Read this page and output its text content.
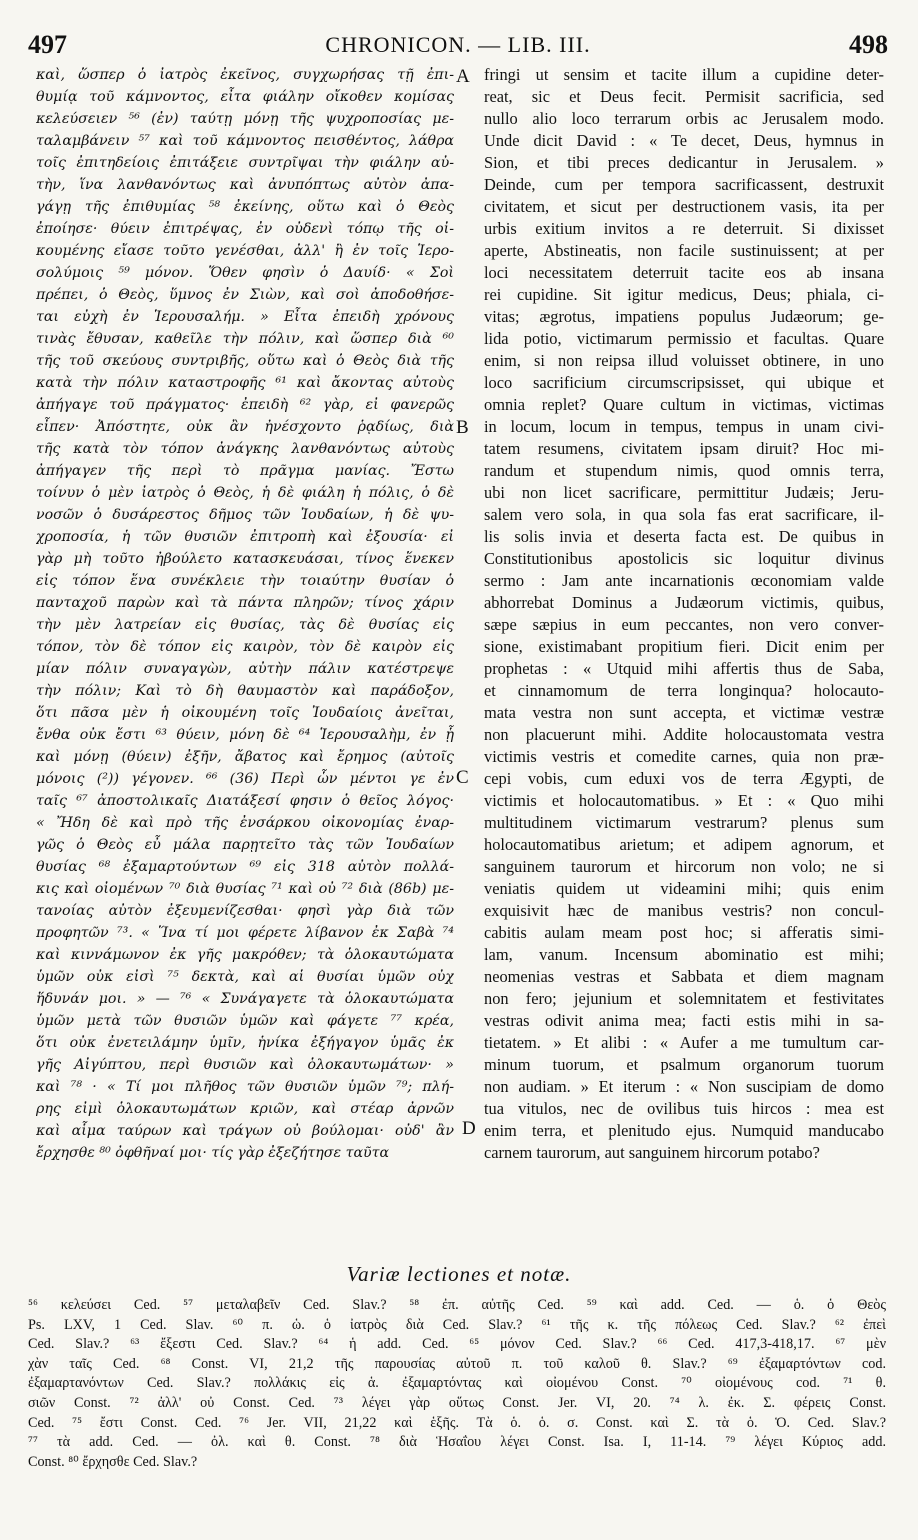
497	CHRONICON. — LIB. III.	498
καὶ, ὥσπερ ὁ ἰατρὸς ἐκεῖνος, συγχωρήσας τῇ ἐπι-
θυμίᾳ τοῦ κάμνοντος, εἶτα φιάλην οἴκοθεν κομίσας
κελεύσειεν ⁵⁶ (ἐν) ταύτῃ μόνῃ τῆς ψυχροποσίας με-
ταλαμβάνειν ⁵⁷ καὶ τοῦ κάμνοντος πεισθέντος, λάθρα
τοῖς ἐπιτηδείοις ἐπιτάξειε συντρῖψαι τὴν φιάλην αὐ-
τὴν, ἵνα λανθανόντως καὶ ἀνυπόπτως αὐτὸν ἀπα-
γάγῃ τῆς ἐπιθυμίας ⁵⁸ ἐκείνης, οὕτω καὶ ὁ Θεὸς
ἐποίησε· θύειν ἐπιτρέψας, ἐν οὐδενὶ τόπῳ τῆς οἰ-
κουμένης εἴασε τοῦτο γενέσθαι, ἀλλ' ἢ ἐν τοῖς Ἱερο-
σολύμοις ⁵⁹ μόνον. Ὅθεν φησὶν ὁ Δαυίδ· « Σοὶ
πρέπει, ὁ Θεὸς, ὕμνος ἐν Σιὼν, καὶ σοὶ ἀποδοθήσε-
ται εὐχὴ ἐν Ἱερουσαλήμ. » Εἶτα ἐπειδὴ χρόνους
τινὰς ἔθυσαν, καθεῖλε τὴν πόλιν, καὶ ὥσπερ διὰ ⁶⁰
τῆς τοῦ σκεύους συντριβῆς, οὕτω καὶ ὁ Θεὸς διὰ τῆς
κατὰ τὴν πόλιν καταστροφῆς ⁶¹ καὶ ἄκοντας αὐτοὺς
ἀπήγαγε τοῦ πράγματος· ἐπειδὴ ⁶² γὰρ, εἰ φανερῶς
εἶπεν· Ἀπόστητε, οὐκ ἂν ἠνέσχοντο ῥᾳδίως, διὰ
τῆς κατὰ τὸν τόπον ἀνάγκης λανθανόντως αὐτοὺς
ἀπήγαγεν τῆς περὶ τὸ πρᾶγμα μανίας. Ἔστω
τοίνυν ὁ μὲν ἰατρὸς ὁ Θεὸς, ἡ δὲ φιάλη ἡ πόλις, ὁ δὲ
νοσῶν ὁ δυσάρεστος δῆμος τῶν Ἰουδαίων, ἡ δὲ ψυ-
χροποσία, ἡ τῶν θυσιῶν ἐπιτροπὴ καὶ ἐξουσία· εἰ
γὰρ μὴ τοῦτο ἠβούλετο κατασκευάσαι, τίνος ἕνεκεν
εἰς τόπον ἕνα συνέκλειε τὴν τοιαύτην θυσίαν ὁ
πανταχοῦ παρὼν καὶ τὰ πάντα πληρῶν; τίνος χάριν
τὴν μὲν λατρείαν εἰς θυσίας, τὰς δὲ θυσίας εἰς
τόπον, τὸν δὲ τόπον εἰς καιρὸν, τὸν δὲ καιρὸν εἰς
μίαν πόλιν συναγαγὼν, αὐτὴν πάλιν κατέστρεψε
τὴν πόλιν; Καὶ τὸ δὴ θαυμαστὸν καὶ παράδοξον,
ὅτι πᾶσα μὲν ἡ οἰκουμένη τοῖς Ἰουδαίοις ἀνεῖται,
ἔνθα οὐκ ἔστι ⁶³ θύειν, μόνη δὲ ⁶⁴ Ἱερουσαλὴμ, ἐν ᾗ
καὶ μόνῃ (θύειν) ἐξῆν, ἄβατος καὶ ἔρημος (αὐτοῖς
μόνοις (²)) γέγονεν. ⁶⁶ (36) Περὶ ὧν μέντοι γε ἐν
ταῖς ⁶⁷ ἀποστολικαῖς Διατάξεσί φησιν ὁ θεῖος λόγος·
« Ἤδη δὲ καὶ πρὸ τῆς ἐνσάρκου οἰκονομίας ἐναρ-
γῶς ὁ Θεὸς εὖ μάλα παρῃτεῖτο τὰς τῶν Ἰουδαίων
θυσίας ⁶⁸ ἐξαμαρτούντων ⁶⁹ εἰς 318 αὐτὸν πολλά-
κις καὶ οἰομένων ⁷⁰ διὰ θυσίας ⁷¹ καὶ οὐ ⁷² διὰ (86b) με-
τανοίας αὐτὸν ἐξευμενίζεσθαι· φησὶ γὰρ διὰ τῶν
προφητῶν ⁷³. « Ἵνα τί μοι φέρετε λίβανον ἐκ Σαβὰ ⁷⁴
καὶ κιννάμωνον ἐκ γῆς μακρόθεν; τὰ ὁλοκαυτώματα
ὑμῶν οὐκ εἰσὶ ⁷⁵ δεκτὰ, καὶ αἱ θυσίαι ὑμῶν οὐχ
ἥδυνάν μοι. » — ⁷⁶ « Συνάγαγετε τὰ ὁλοκαυτώματα
ὑμῶν μετὰ τῶν θυσιῶν ὑμῶν καὶ φάγετε ⁷⁷ κρέα,
ὅτι οὐκ ἐνετειλάμην ὑμῖν, ἡνίκα ἐξήγαγον ὑμᾶς ἐκ
γῆς Αἰγύπτου, περὶ θυσιῶν καὶ ὁλοκαυτωμάτων· »
καὶ ⁷⁸ · « Τί μοι πλῆθος τῶν θυσιῶν ὑμῶν ⁷⁹; πλή-
ρης εἰμὶ ὁλοκαυτωμάτων κριῶν, καὶ στέαρ ἀρνῶν
καὶ αἷμα ταύρων καὶ τράγων οὐ βούλομαι· οὐδ' ἂν
ἔρχησθε ⁸⁰ ὀφθῆναί μοι· τίς γὰρ ἐξεζήτησε ταῦτα
fringi ut sensim et tacite illum a cupidine deter-
reat, sic et Deus fecit. Permisit sacrificia, sed
nullo alio loco terrarum orbis ac Jerusalem modo.
Unde dicit David : « Te decet, Deus, hymnus in
Sion, et tibi preces dedicantur in Jerusalem. »
Deinde, cum per tempora sacrificassent, destruxit
civitatem, et sicut per destructionem vasis, ita per
urbis exitium invitos a re deterruit. Si dixisset
aperte, Abstineatis, non facile sustinuissent; at per
loci necessitatem deterruit tacite eos ab insana
rei cupidine. Sit igitur medicus, Deus; phiala, ci-
vitas; ægrotus, impatiens populus Judæorum; ge-
lida potio, victimarum permissio et facultas. Quare
enim, si non reipsa illud voluisset obtinere, in uno
loco sacrificium circumscripsisset, qui ubique et
omnia replet? Quare cultum in victimas, victimas
in locum, locum in tempus, tempus in unam civi-
tatem resumens, civitatem ipsam diruit? Hoc mi-
randum et stupendum nimis, quod omnis terra,
ubi non licet sacrificare, permittitur Judæis; Jeru-
salem vero sola, in qua sola fas erat sacrificare, il-
lis solis invia et deserta facta est. De quibus in
Constitutionibus apostolicis sic loquitur divinus
sermo : Jam ante incarnationis œconomiam valde
abhorrebat Dominus a Judæorum victimis, quibus,
sæpe sæpius in eum peccantes, non vero conver-
sione, existimabant propitium fieri. Dicit enim per
prophetas : « Utquid mihi affertis thus de Saba,
et cinnamomum de terra longinqua? holocauto-
mata vestra non sunt accepta, et victimæ vestræ
non placuerunt mihi. Addite holocaustomata vestra
victimis vestris et comedite carnes, quia non præ-
cepi vobis, cum eduxi vos de terra Ægypti, de
victimis et holocautomatibus. » Et : « Quo mihi
multitudinem victimarum vestrarum? plenus sum
holocautomatibus arietum; et adipem agnorum, et
sanguinem taurorum et hircorum non volo; ne si
veniatis quidem ut videamini mihi; quis enim
exquisivit hæc de manibus vestris? non concul-
cabitis aulam meam post hoc; si afferatis simi-
lam, vanum. Incensum abominatio est mihi;
neomenias vestras et Sabbata et diem magnam
non fero; jejunium et solemnitatem et festivitates
vestras odivit anima mea; facti estis mihi in sa-
tietatem. » Et alibi : « Aufer a me tumultum car-
minum tuorum, et psalmum organorum tuorum
non audiam. » Et iterum : « Non suscipiam de domo
tua vitulos, nec de ovilibus tuis hircos : mea est
enim terra, et plenitudo ejus. Numquid manducabo
carnem taurorum, aut sanguinem hircorum potabo?
A
B
C
D
Variæ lectiones et notæ.
⁵⁶ κελεύσει Ced. ⁵⁷ μεταλαβεῖν Ced. Slav.? ⁵⁸ ἐπ. αὐτῆς Ced. ⁵⁹ καὶ add. Ced. — ὁ. ὁ Θεὸς
Ps. LXV, 1 Ced. Slav. ⁶⁰ π. ὡ. ὁ ἰατρὸς διὰ Ced. Slav.? ⁶¹ τῆς κ. τῆς πόλεως Ced. Slav.? ⁶² ἐπεὶ
Ced. Slav.? ⁶³ ἔξεστι Ced. Slav.? ⁶⁴ ἡ add. Ced. ⁶⁵ μόνον Ced. Slav.? ⁶⁶ Ced. 417,3-418,17. ⁶⁷ μὲν
χὰν ταῖς Ced. ⁶⁸ Const. VI, 21,2 τῆς παρουσίας αὐτοῦ π. τοῦ καλοῦ θ. Slav.? ⁶⁹ ἐξαμαρτόντων cod.
ἐξαμαρτανόντων Ced. Slav.? πολλάκις εἰς ἁ. ἐξαμαρτόντας καὶ οἰομένου Const. ⁷⁰ οἰομένους cod. ⁷¹ θ.
σιῶν Const. ⁷² ἀλλ' οὐ Const. Ced. ⁷³ λέγει γὰρ οὕτως Const. Jer. VI, 20. ⁷⁴ λ. ἐκ. Σ. φέρεις Const.
Ced. ⁷⁵ ἔστι Const. Ced. ⁷⁶ Jer. VII, 21,22 καὶ ἑξῆς. Τὰ ὁ. ὁ. σ. Const. καὶ Σ. τὰ ὁ. Ὁ. Ced. Slav.?
⁷⁷ τὰ add. Ced. — ὀλ. καὶ θ. Const. ⁷⁸ διὰ Ἡσαΐου λέγει Const. Isa. I, 11-14. ⁷⁹ λέγει Κύριος add.
Const. ⁸⁰ ἔρχησθε Ced. Slav.?
